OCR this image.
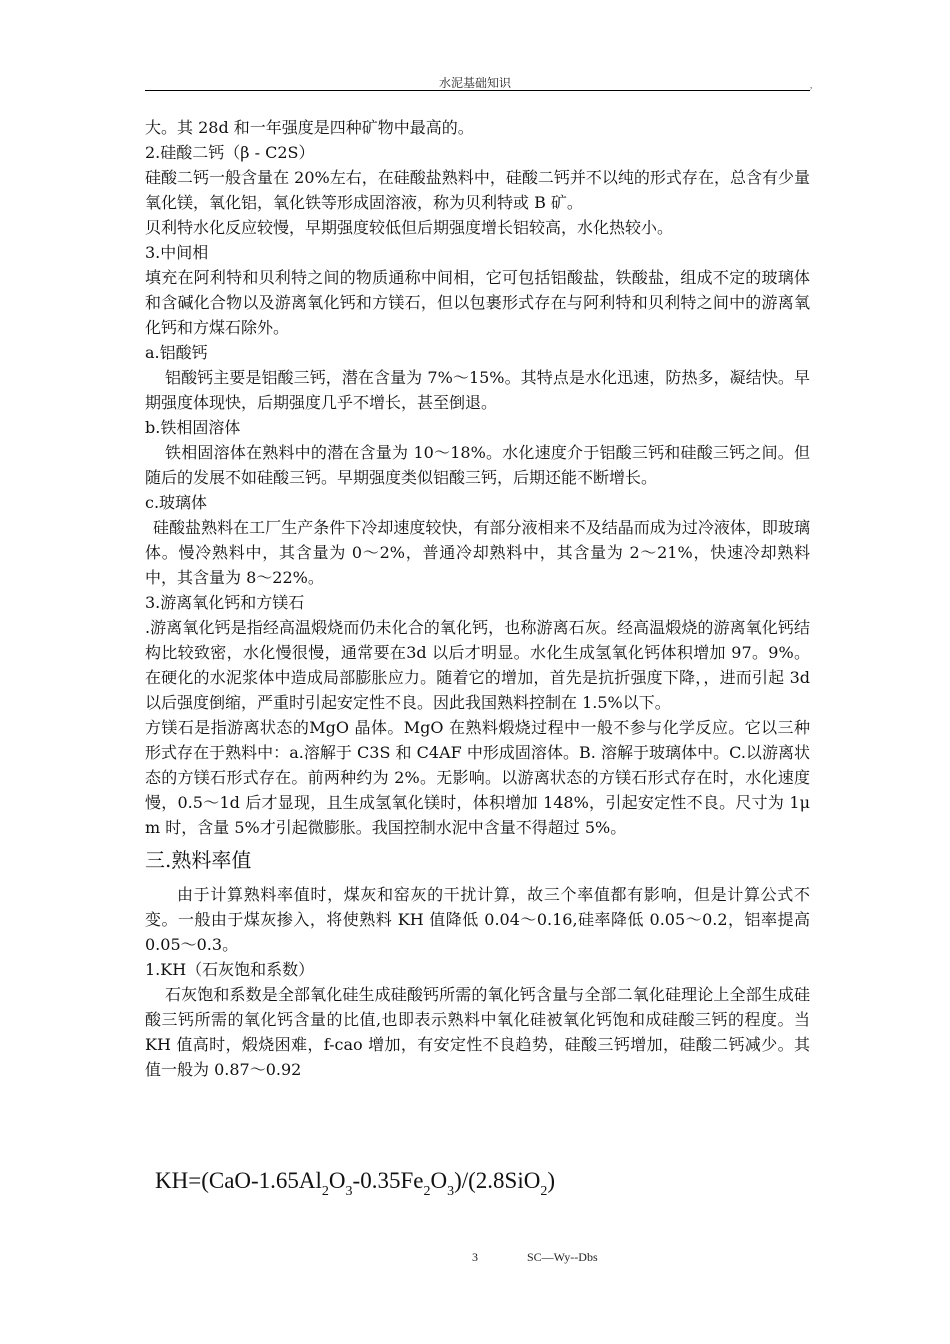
水泥基础知识	,

大。其 28d 和一年强度是四种矿物中最高的。

2.硅酸二钙（β - C2S）

硅酸二钙一般含量在 20%左右，在硅酸盐熟料中，硅酸二钙并不以纯的形式存在，总含有少量氧化镁，氧化铝，氧化铁等形成固溶液，称为贝利特或 B 矿。

贝利特水化反应较慢，早期强度较低但后期强度增长铝较高，水化热较小。

3.中间相

填充在阿利特和贝利特之间的物质通称中间相，它可包括铝酸盐，铁酸盐，组成不定的玻璃体和含碱化合物以及游离氧化钙和方镁石，但以包裹形式存在与阿利特和贝利特之间中的游离氧化钙和方煤石除外。

a.铝酸钙

铝酸钙主要是铝酸三钙，潜在含量为 7%～15%。其特点是水化迅速，防热多，凝结快。早期强度体现快，后期强度几乎不增长，甚至倒退。

b.铁相固溶体

铁相固溶体在熟料中的潜在含量为 10～18%。水化速度介于铝酸三钙和硅酸三钙之间。但随后的发展不如硅酸三钙。早期强度类似铝酸三钙，后期还能不断增长。

c.玻璃体

硅酸盐熟料在工厂生产条件下冷却速度较快，有部分液相来不及结晶而成为过冷液体，即玻璃体。慢冷熟料中，其含量为 0～2%，普通冷却熟料中，其含量为 2～21%，快速冷却熟料中，其含量为 8～22%。

3.游离氧化钙和方镁石

.游离氧化钙是指经高温煅烧而仍未化合的氧化钙，也称游离石灰。经高温煅烧的游离氧化钙结构比较致密，水化慢很慢，通常要在3d 以后才明显。水化生成氢氧化钙体积增加 97。9%。在硬化的水泥浆体中造成局部膨胀应力。随着它的增加，首先是抗折强度下降，，进而引起 3d 以后强度倒缩，严重时引起安定性不良。因此我国熟料控制在 1.5%以下。

方镁石是指游离状态的MgO 晶体。MgO 在熟料煅烧过程中一般不参与化学反应。它以三种形式存在于熟料中：a.溶解于 C3S 和 C4AF 中形成固溶体。B. 溶解于玻璃体中。C.以游离状态的方镁石形式存在。前两种约为 2%。无影响。以游离状态的方镁石形式存在时，水化速度慢，0.5～1d 后才显现，且生成氢氧化镁时，体积增加 148%，引起安定性不良。尺寸为 1μ m 时，含量 5%才引起微膨胀。我国控制水泥中含量不得超过 5%。

三.熟料率值

由于计算熟料率值时，煤灰和窑灰的干扰计算，故三个率值都有影响，但是计算公式不变。一般由于煤灰掺入，将使熟料 KH 值降低 0.04～0.16,硅率降低 0.05～0.2，铝率提高 0.05～0.3。

1.KH（石灰饱和系数）

石灰饱和系数是全部氧化硅生成硅酸钙所需的氧化钙含量与全部二氧化硅理论上全部生成硅酸三钙所需的氧化钙含量的比值,也即表示熟料中氧化硅被氧化钙饱和成硅酸三钙的程度。当KH 值高时，煅烧困难，f-cao 增加，有安定性不良趋势，硅酸三钙增加，硅酸二钙减少。其值一般为 0.87～0.92

$KH=(CaO-1.65Al_2O_3-0.35Fe_2O_3)/(2.8SiO_2)$
3	SC—Wy--Dbs
